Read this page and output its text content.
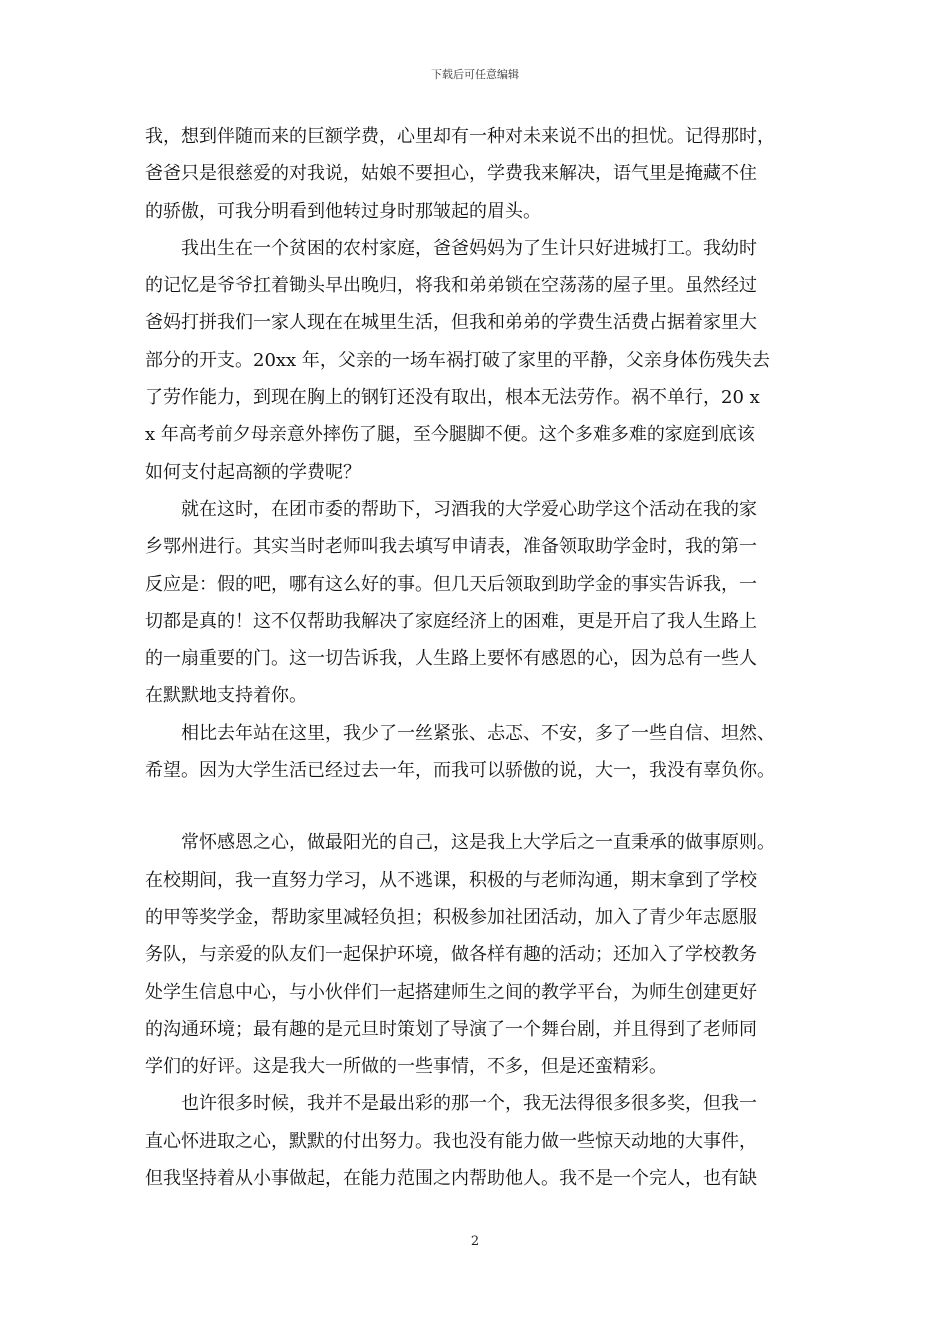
下载后可任意编辑
我，想到伴随而来的巨额学费，心里却有一种对未来说不出的担忧。记得那时，
爸爸只是很慈爱的对我说，姑娘不要担心，学费我来解决，语气里是掩藏不住
的骄傲，可我分明看到他转过身时那皱起的眉头。
我出生在一个贫困的农村家庭，爸爸妈妈为了生计只好进城打工。我幼时
的记忆是爷爷扛着锄头早出晚归，将我和弟弟锁在空荡荡的屋子里。虽然经过
爸妈打拼我们一家人现在在城里生活，但我和弟弟的学费生活费占据着家里大
部分的开支。20xx 年，父亲的一场车祸打破了家里的平静，父亲身体伤残失去
了劳作能力，到现在胸上的钢钉还没有取出，根本无法劳作。祸不单行，20 x
x 年高考前夕母亲意外摔伤了腿，至今腿脚不便。这个多难多难的家庭到底该
如何支付起高额的学费呢？
就在这时，在团市委的帮助下，习酒我的大学爱心助学这个活动在我的家
乡鄂州进行。其实当时老师叫我去填写申请表，准备领取助学金时，我的第一
反应是：假的吧，哪有这么好的事。但几天后领取到助学金的事实告诉我，一
切都是真的！这不仅帮助我解决了家庭经济上的困难，更是开启了我人生路上
的一扇重要的门。这一切告诉我，人生路上要怀有感恩的心，因为总有一些人
在默默地支持着你。
相比去年站在这里，我少了一丝紧张、忐忑、不安，多了一些自信、坦然、
希望。因为大学生活已经过去一年，而我可以骄傲的说，大一，我没有辜负你。
常怀感恩之心，做最阳光的自己，这是我上大学后之一直秉承的做事原则。
在校期间，我一直努力学习，从不逃课，积极的与老师沟通，期末拿到了学校
的甲等奖学金，帮助家里减轻负担；积极参加社团活动，加入了青少年志愿服
务队，与亲爱的队友们一起保护环境，做各样有趣的活动；还加入了学校教务
处学生信息中心，与小伙伴们一起搭建师生之间的教学平台，为师生创建更好
的沟通环境；最有趣的是元旦时策划了导演了一个舞台剧，并且得到了老师同
学们的好评。这是我大一所做的一些事情，不多，但是还蛮精彩。
也许很多时候，我并不是最出彩的那一个，我无法得很多很多奖，但我一
直心怀进取之心，默默的付出努力。我也没有能力做一些惊天动地的大事件，
但我坚持着从小事做起，在能力范围之内帮助他人。我不是一个完人，也有缺
2
